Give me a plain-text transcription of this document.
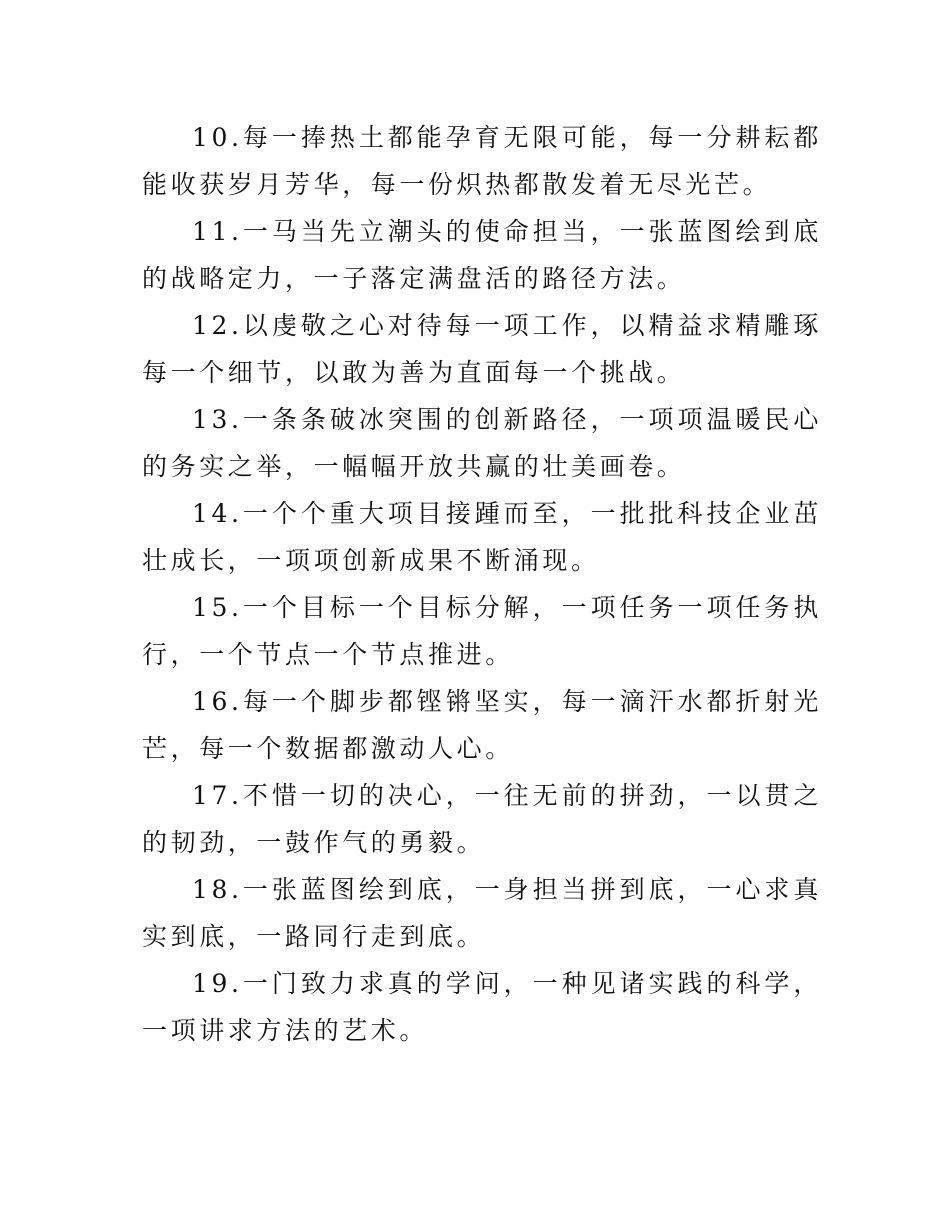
10.每一捧热土都能孕育无限可能，每一分耕耘都能收获岁月芳华，每一份炽热都散发着无尽光芒。

11.一马当先立潮头的使命担当，一张蓝图绘到底的战略定力，一子落定满盘活的路径方法。

12.以虔敬之心对待每一项工作，以精益求精雕琢每一个细节，以敢为善为直面每一个挑战。

13.一条条破冰突围的创新路径，一项项温暖民心的务实之举，一幅幅开放共赢的壮美画卷。

14.一个个重大项目接踵而至，一批批科技企业茁壮成长，一项项创新成果不断涌现。

15.一个目标一个目标分解，一项任务一项任务执行，一个节点一个节点推进。

16.每一个脚步都铿锵坚实，每一滴汗水都折射光芒，每一个数据都激动人心。

17.不惜一切的决心，一往无前的拼劲，一以贯之的韧劲，一鼓作气的勇毅。

18.一张蓝图绘到底，一身担当拼到底，一心求真实到底，一路同行走到底。

19.一门致力求真的学问，一种见诸实践的科学，一项讲求方法的艺术。
